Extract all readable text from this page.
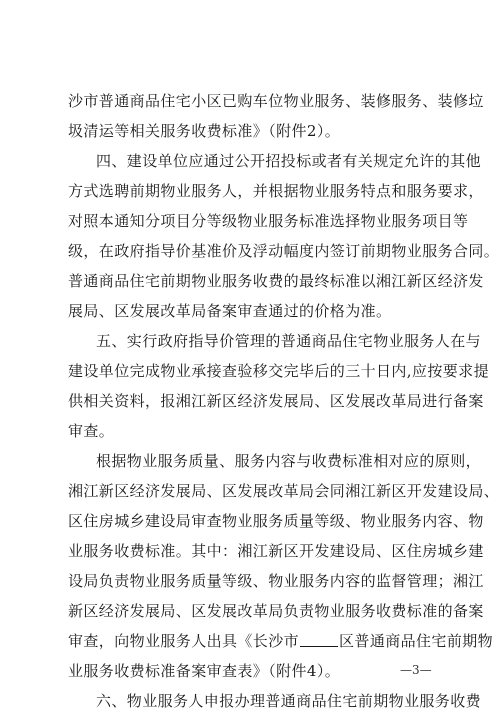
沙市普通商品住宅小区已购车位物业服务、装修服务、装修垃
圾清运等相关服务收费标准》（附件2）。
四、建设单位应通过公开招投标或者有关规定允许的其他
方式选聘前期物业服务人，并根据物业服务特点和服务要求，
对照本通知分项目分等级物业服务标准选择物业服务项目等
级，在政府指导价基准价及浮动幅度内签订前期物业服务合同。
普通商品住宅前期物业服务收费的最终标准以湘江新区经济发
展局、区发展改革局备案审查通过的价格为准。
五、实行政府指导价管理的普通商品住宅物业服务人在与
建设单位完成物业承接查验移交完毕后的三十日内,应按要求提
供相关资料，报湘江新区经济发展局、区发展改革局进行备案
审查。
根据物业服务质量、服务内容与收费标准相对应的原则，
湘江新区经济发展局、区发展改革局会同湘江新区开发建设局、
区住房城乡建设局审查物业服务质量等级、物业服务内容、物
业服务收费标准。其中：湘江新区开发建设局、区住房城乡建
设局负责物业服务质量等级、物业服务内容的监督管理；湘江
新区经济发展局、区发展改革局负责物业服务收费标准的备案
审查，向物业服务人出具《长沙市	区普通商品住宅前期物
业服务收费标准备案审查表》（附件4）。
六、物业服务人申报办理普通商品住宅前期物业服务收费
—3—
